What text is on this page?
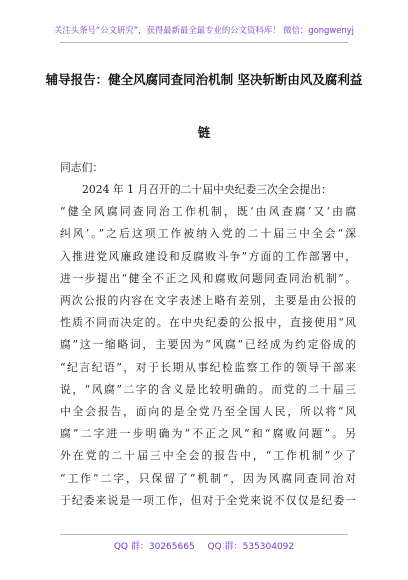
关注头条号“公文研究”，获得最新最全最专业的公文资料库！ 微信：gongwenyj
辅导报告：健全风腐同查同治机制 坚决斩断由风及腐利益
链
同志们：
2024 年 1 月召开的二十届中央纪委三次全会提出：
“健全风腐同查同治工作机制，既‘由风查腐’又‘由腐
纠风’。”之后这项工作被纳入党的二十届三中全会“深
入推进党风廉政建设和反腐败斗争”方面的工作部署中，
进一步提出“健全不正之风和腐败问题同查同治机制”。
两次公报的内容在文字表述上略有差别，主要是由公报的
性质不同而决定的。在中央纪委的公报中，直接使用“风
腐”这一缩略词，主要因为“风腐”已经成为约定俗成的
“纪言纪语”，对于长期从事纪检监察工作的领导干部来
说，“风腐”二字的含义是比较明确的。而党的二十届三
中全会报告，面向的是全党乃至全国人民，所以将“风
腐”二字进一步明确为“不正之风”和“腐败问题”。另
外在党的二十届三中全会的报告中，“工作机制”少了
“工作”二字，只保留了“机制”，因为风腐同查同治对
于纪委来说是一项工作，但对于全党来说不仅仅是纪委一
QQ 群：30265665 QQ 群：535304092
